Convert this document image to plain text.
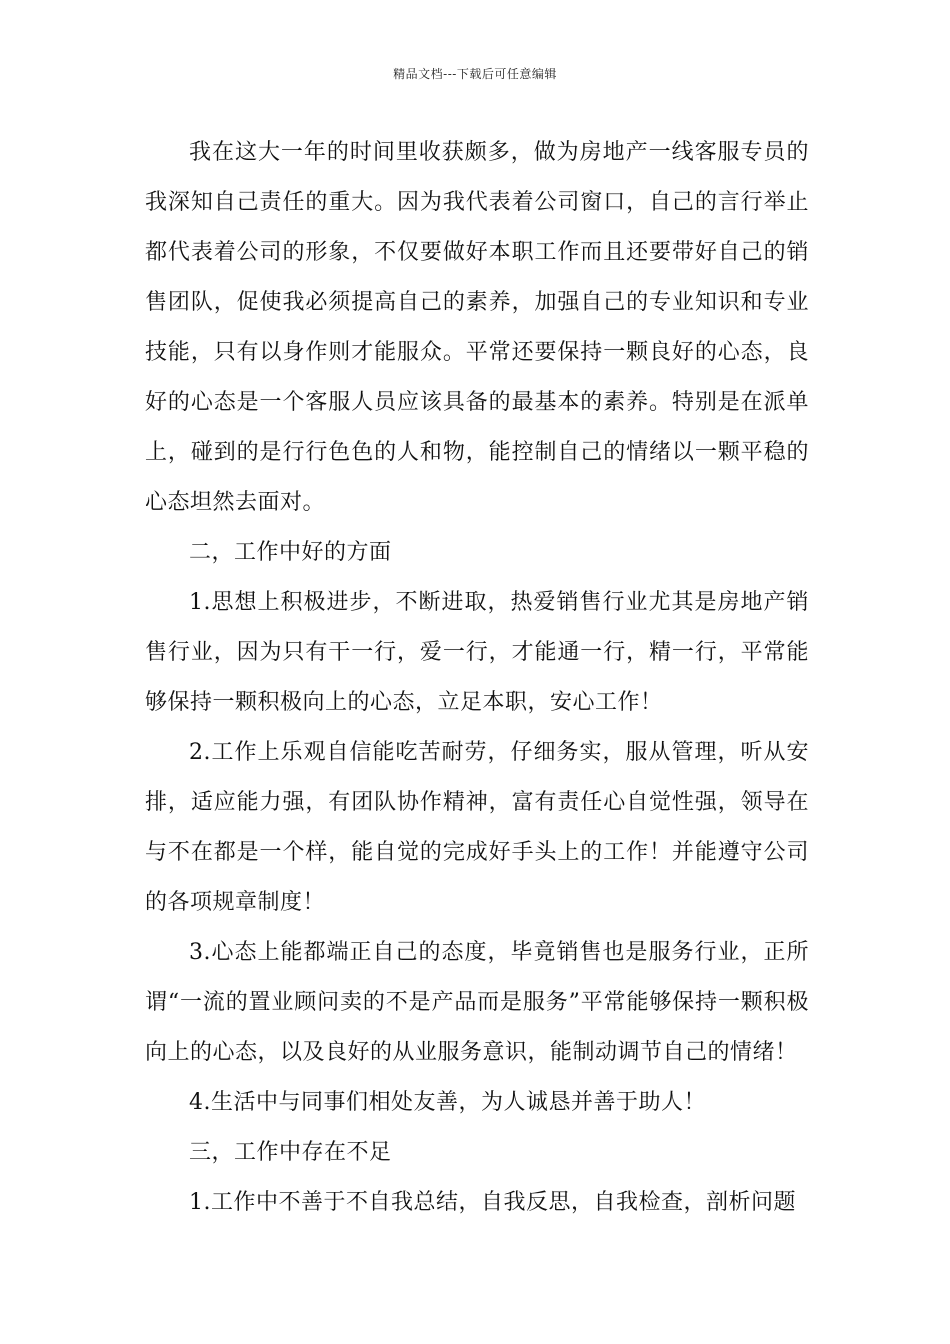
精品文档---下载后可任意编辑

我在这大一年的时间里收获颇多，做为房地产一线客服专员的我深知自己责任的重大。因为我代表着公司窗口，自己的言行举止都代表着公司的形象，不仅要做好本职工作而且还要带好自己的销售团队，促使我必须提高自己的素养，加强自己的专业知识和专业技能，只有以身作则才能服众。平常还要保持一颗良好的心态，良好的心态是一个客服人员应该具备的最基本的素养。特别是在派单上，碰到的是行行色色的人和物，能控制自己的情绪以一颗平稳的心态坦然去面对。

二，工作中好的方面

1.思想上积极进步，不断进取，热爱销售行业尤其是房地产销售行业，因为只有干一行，爱一行，才能通一行，精一行，平常能够保持一颗积极向上的心态，立足本职，安心工作！

2.工作上乐观自信能吃苦耐劳，仔细务实，服从管理，听从安排，适应能力强，有团队协作精神，富有责任心自觉性强，领导在与不在都是一个样，能自觉的完成好手头上的工作！并能遵守公司的各项规章制度！

3.心态上能都端正自己的态度，毕竟销售也是服务行业，正所谓“一流的置业顾问卖的不是产品而是服务”平常能够保持一颗积极向上的心态，以及良好的从业服务意识，能制动调节自己的情绪！

4.生活中与同事们相处友善，为人诚恳并善于助人！

三，工作中存在不足

1.工作中不善于不自我总结，自我反思，自我检查，剖析问题
